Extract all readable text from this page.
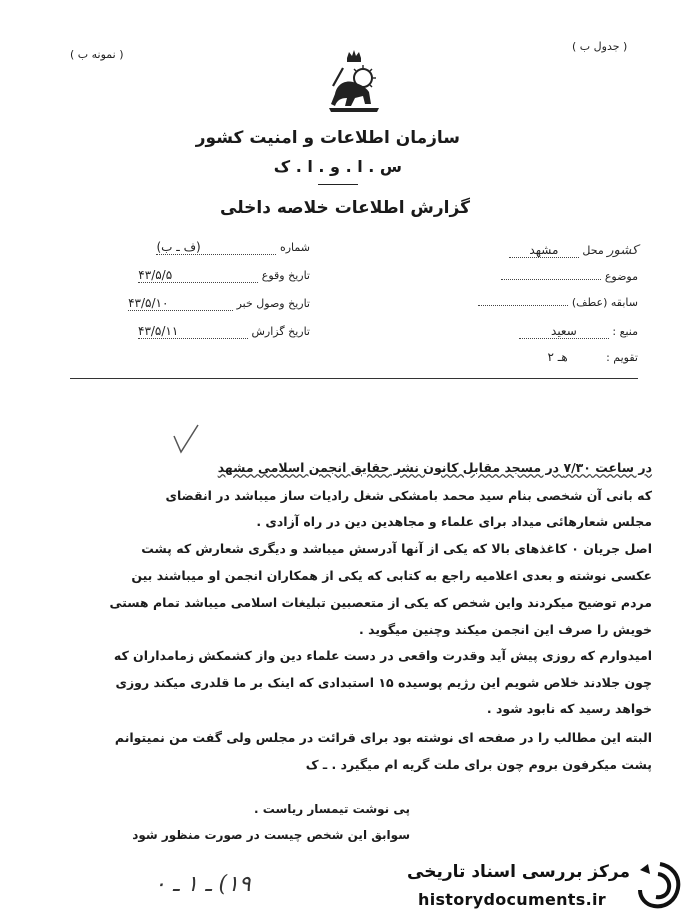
( نمونه ب )
( جدول ب )
سازمان اطلاعات و امنیت کشور
س . ا . و . ا . ک
گزارش اطلاعات خلاصه داخلی
کشور محل مشهد
موضوع
سابقه (عطف)
منبع : سعید
تقویم : هـ ۲
شماره (ف ـ ب)
تاریخ وقوع ۴۳/۵/۵
تاریخ وصول خبر ۴۳/۵/۱۰
تاریخ گزارش ۴۳/۵/۱۱
در ساعت ۷/۳۰ در مسجد مقابل کانون نشر حقایق انجمن اسلامی مشهد
که بانی آن شخصی بنام سید محمد بامشکی شغل رادیات ساز میباشد در انقضای
مجلس شعارهائی میداد برای علماء و مجاهدین دین در راه آزادی .
اصل جریان ۰ کاغذهای بالا که یکی از آنها آدرسش میباشد و دیگری شعارش که پشت
عکسی نوشته و بعدی اعلامیه راجع به کتابی که یکی از همکاران انجمن او میباشند بین
مردم توضیح میکردند واین شخص که یکی از متعصبین تبلیغات اسلامی میباشد تمام هستی
خویش را صرف این انجمن میکند وچنین میگوید .
امیدوارم که روزی پیش آید وقدرت واقعی در دست علماء دین واز کشمکش زمامداران که
چون جلادند خلاص شویم این رژیم پوسیده ۱۵ استبدادی که اینک بر ما قلدری میکند روزی
خواهد رسید که نابود شود .
البته این مطالب را در صفحه ای نوشته بود برای قرائت در مجلس ولی گفت من نمیتوانم
پشت میکرفون بروم چون برای ملت گریه ام میگیرد . ـ ک
پی نوشت تیمسار ریاست .
سوابق این شخص چیست در صورت منظور شود
۱۹) ـ ۱ ـ ۰	مرکز بررسی اسناد تاریخی
historydocuments.ir
